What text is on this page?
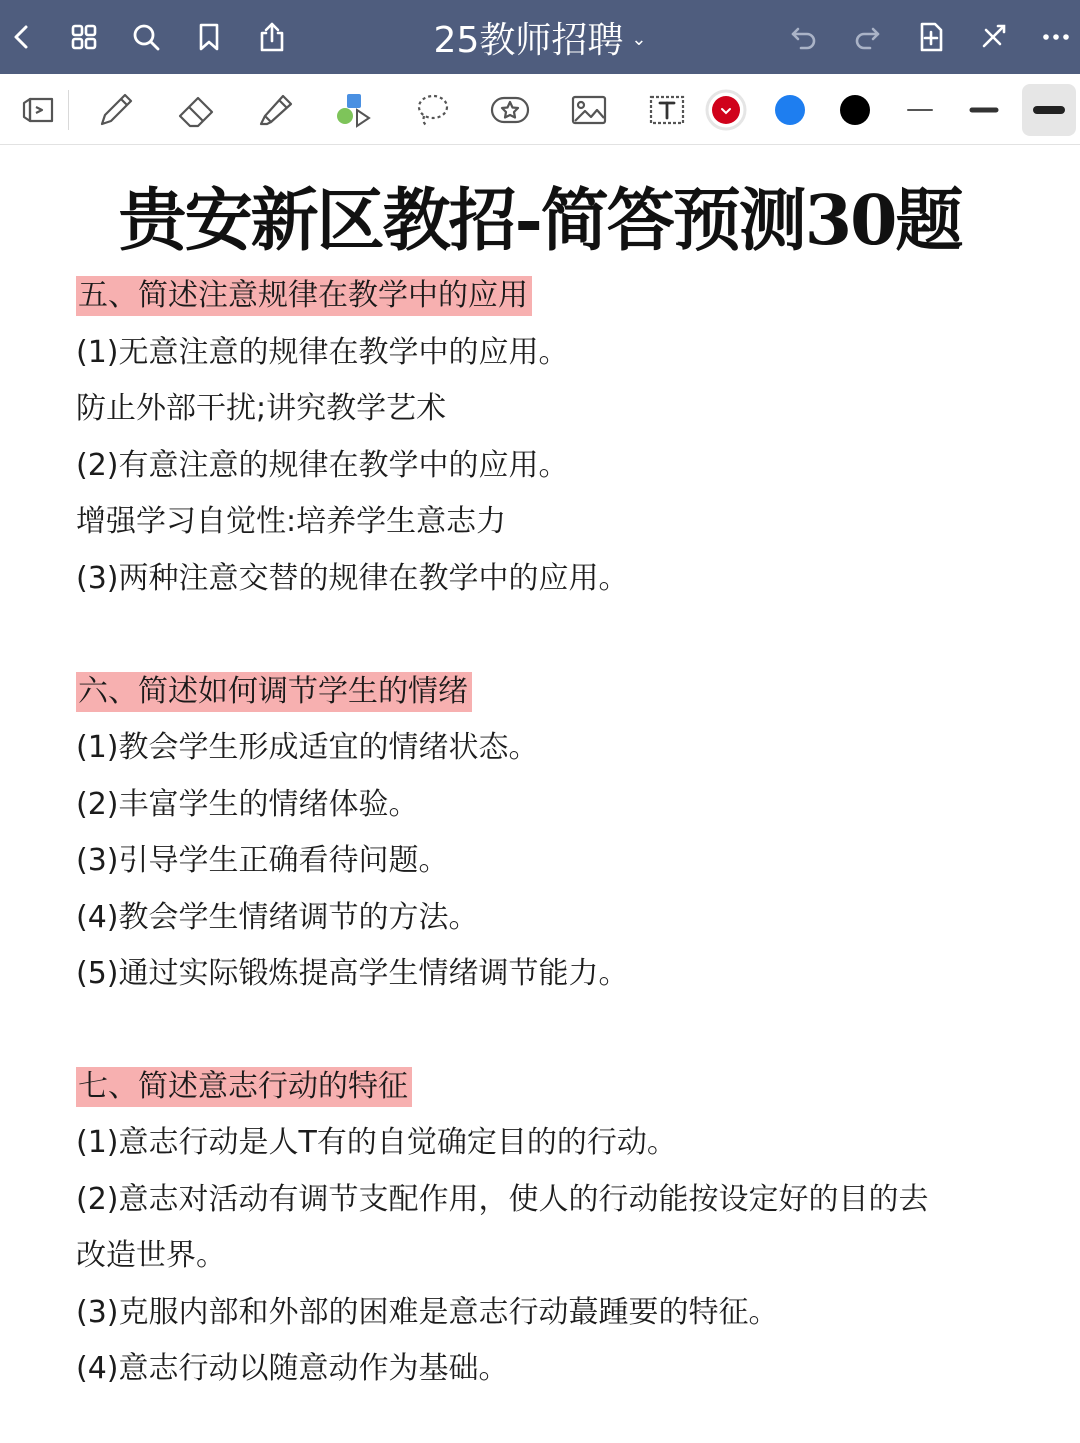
25教师招聘 ⌄
贵安新区教招-简答预测30题
五、简述注意规律在教学中的应用
(1)无意注意的规律在教学中的应用。
防止外部干扰;讲究教学艺术
(2)有意注意的规律在教学中的应用。
增强学习自觉性:培养学生意志力
(3)两种注意交替的规律在教学中的应用。
六、简述如何调节学生的情绪
(1)教会学生形成适宜的情绪状态。
(2)丰富学生的情绪体验。
(3)引导学生正确看待问题。
(4)教会学生情绪调节的方法。
(5)通过实际锻炼提高学生情绪调节能力。
七、简述意志行动的特征
(1)意志行动是人T有的自觉确定目的的行动。
(2)意志对活动有调节支配作用，使人的行动能按设定好的目的去
改造世界。
(3)克服内部和外部的困难是意志行动蕞踵要的特征。
(4)意志行动以随意动作为基础。
